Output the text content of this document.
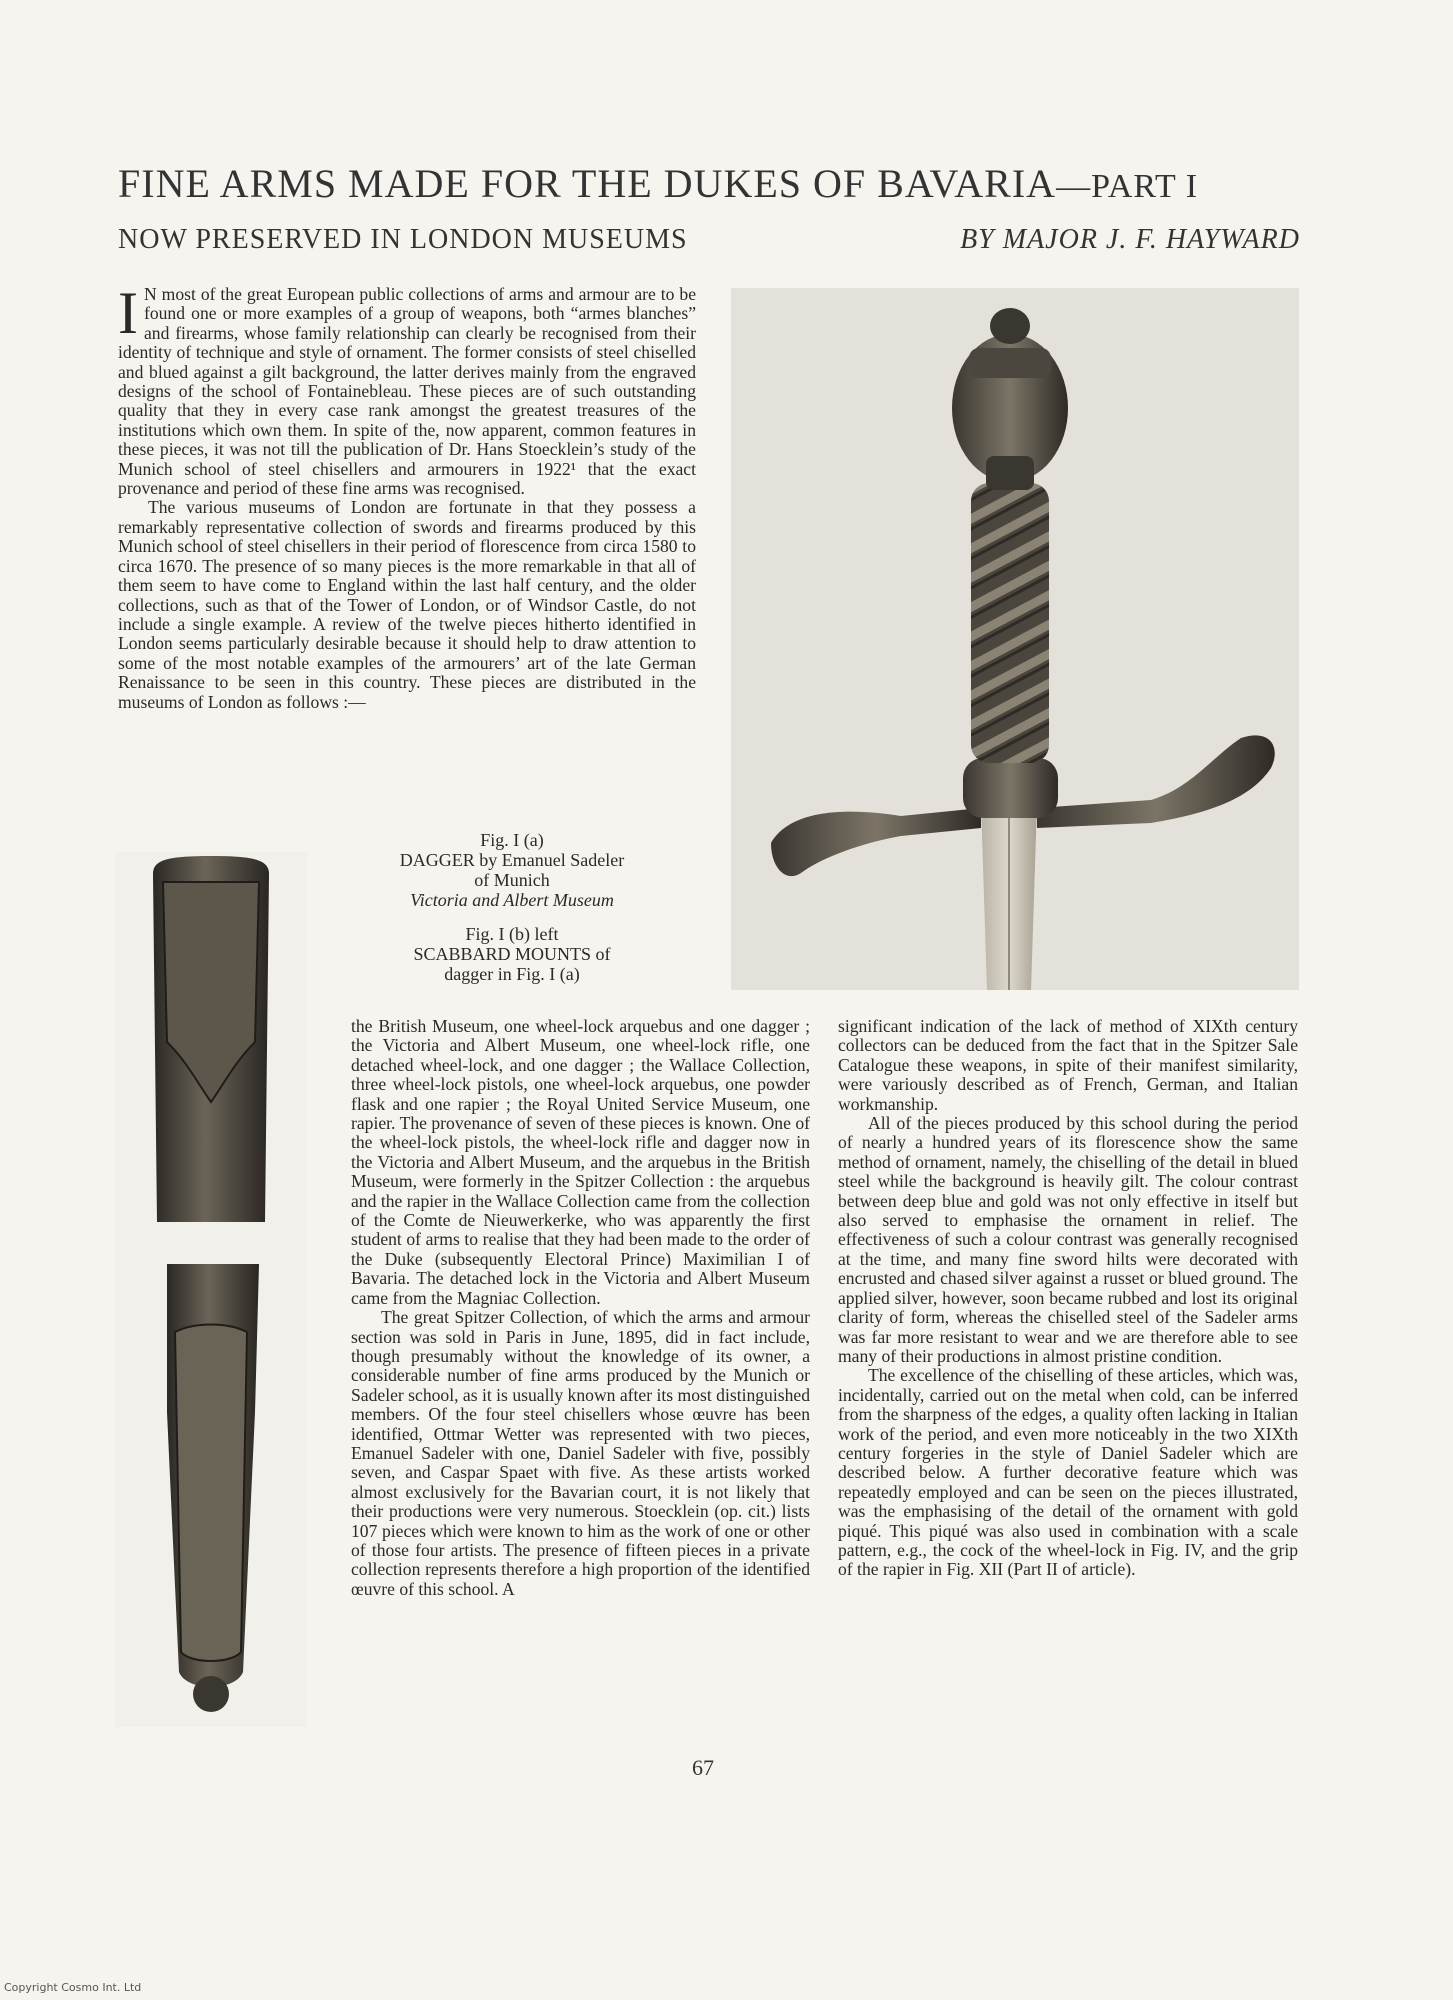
FINE ARMS MADE FOR THE DUKES OF BAVARIA—PART I
NOW PRESERVED IN LONDON MUSEUMS	BY MAJOR J. F. HAYWARD

I N most of the great European public collections of arms and armour are to be found one or more examples of a group of weapons, both “armes blanches” and firearms, whose family relationship can clearly be recognised from their identity of technique and style of ornament. The former consists of steel chiselled and blued against a gilt background, the latter derives mainly from the engraved designs of the school of Fontainebleau. These pieces are of such outstanding quality that they in every case rank amongst the greatest treasures of the institutions which own them. In spite of the, now apparent, common features in these pieces, it was not till the publication of Dr. Hans Stoecklein’s study of the Munich school of steel chisellers and armourers in 1922¹ that the exact provenance and period of these fine arms was recognised.

The various museums of London are fortunate in that they possess a remarkably representative collection of swords and firearms produced by this Munich school of steel chisellers in their period of florescence from circa 1580 to circa 1670. The presence of so many pieces is the more remarkable in that all of them seem to have come to England within the last half century, and the older collections, such as that of the Tower of London, or of Windsor Castle, do not include a single example. A review of the twelve pieces hitherto identified in London seems particularly desirable because it should help to draw attention to some of the most notable examples of the armourers’ art of the late German Renaissance to be seen in this country. These pieces are distributed in the museums of London as follows :—

Fig. I (a)
DAGGER by Emanuel Sadeler
of Munich
Victoria and Albert Museum
Fig. I (b) left
SCABBARD MOUNTS of
dagger in Fig. I (a)

the British Museum, one wheel-lock arquebus and one dagger ; the Victoria and Albert Museum, one wheel-lock rifle, one detached wheel-lock, and one dagger ; the Wallace Collection, three wheel-lock pistols, one wheel-lock arquebus, one powder flask and one rapier ; the Royal United Service Museum, one rapier. The provenance of seven of these pieces is known. One of the wheel-lock pistols, the wheel-lock rifle and dagger now in the Victoria and Albert Museum, and the arquebus in the British Museum, were formerly in the Spitzer Collection : the arquebus and the rapier in the Wallace Collection came from the collection of the Comte de Nieuwerkerke, who was apparently the first student of arms to realise that they had been made to the order of the Duke (subsequently Electoral Prince) Maximilian I of Bavaria. The detached lock in the Victoria and Albert Museum came from the Magniac Collection.

The great Spitzer Collection, of which the arms and armour section was sold in Paris in June, 1895, did in fact include, though presumably without the knowledge of its owner, a considerable number of fine arms produced by the Munich or Sadeler school, as it is usually known after its most distinguished members. Of the four steel chisellers whose œuvre has been identified, Ottmar Wetter was represented with two pieces, Emanuel Sadeler with one, Daniel Sadeler with five, possibly seven, and Caspar Spaet with five. As these artists worked almost exclusively for the Bavarian court, it is not likely that their productions were very numerous. Stoecklein (op. cit.) lists 107 pieces which were known to him as the work of one or other of those four artists. The presence of fifteen pieces in a private collection represents therefore a high proportion of the identified œuvre of this school. A

significant indication of the lack of method of XIXth century collectors can be deduced from the fact that in the Spitzer Sale Catalogue these weapons, in spite of their manifest similarity, were variously described as of French, German, and Italian workmanship.

All of the pieces produced by this school during the period of nearly a hundred years of its florescence show the same method of ornament, namely, the chiselling of the detail in blued steel while the background is heavily gilt. The colour contrast between deep blue and gold was not only effective in itself but also served to emphasise the ornament in relief. The effectiveness of such a colour contrast was generally recognised at the time, and many fine sword hilts were decorated with encrusted and chased silver against a russet or blued ground. The applied silver, however, soon became rubbed and lost its original clarity of form, whereas the chiselled steel of the Sadeler arms was far more resistant to wear and we are therefore able to see many of their productions in almost pristine condition.

The excellence of the chiselling of these articles, which was, incidentally, carried out on the metal when cold, can be inferred from the sharpness of the edges, a quality often lacking in Italian work of the period, and even more noticeably in the two XIXth century forgeries in the style of Daniel Sadeler which are described below. A further decorative feature which was repeatedly employed and can be seen on the pieces illustrated, was the emphasising of the detail of the ornament with gold piqué. This piqué was also used in combination with a scale pattern, e.g., the cock of the wheel-lock in Fig. IV, and the grip of the rapier in Fig. XII (Part II of article).

67
Copyright Cosmo Int. Ltd
